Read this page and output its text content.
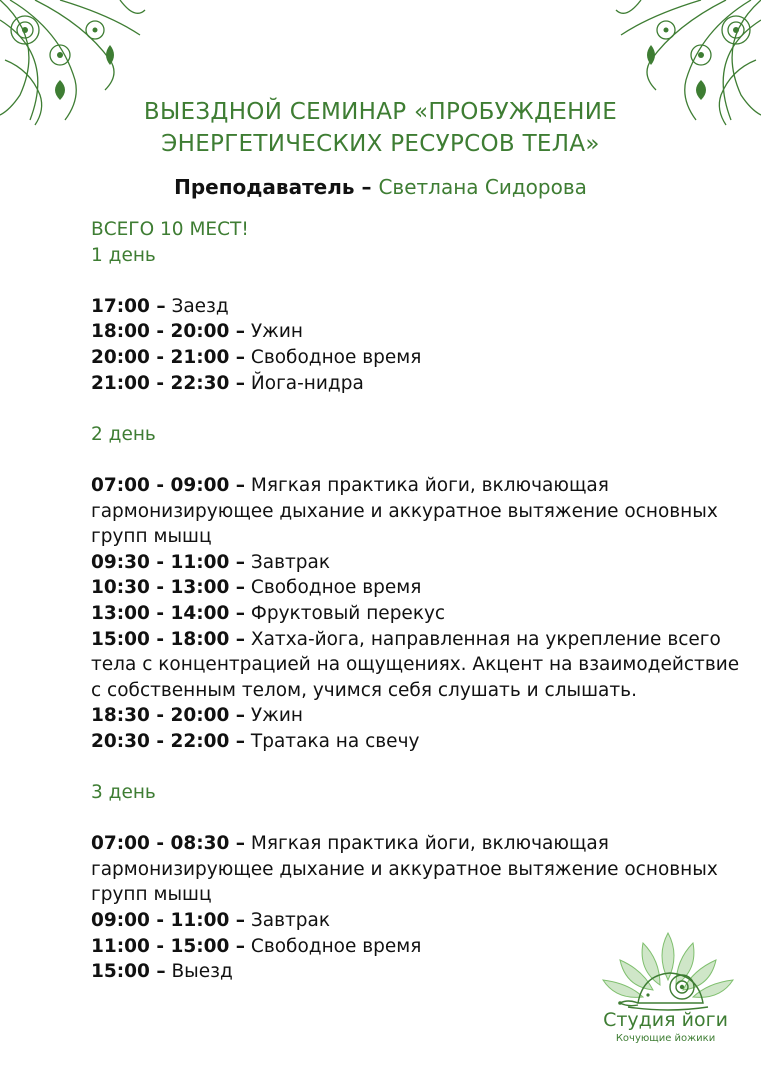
ВЫЕЗДНОЙ СЕМИНАР «ПРОБУЖДЕНИЕ
ЭНЕРГЕТИЧЕСКИХ РЕСУРСОВ ТЕЛА»
Преподаватель – Светлана Сидорова
ВСЕГО 10 МЕСТ!
1 день
17:00 – Заезд
18:00 - 20:00 – Ужин
20:00 - 21:00 – Свободное время
21:00 - 22:30 – Йога-нидра
2 день
07:00 - 09:00 – Мягкая практика йоги, включающая гармонизирующее дыхание и аккуратное вытяжение основных групп мышц
09:30 - 11:00 – Завтрак
10:30 - 13:00 – Свободное время
13:00 - 14:00 – Фруктовый перекус
15:00 - 18:00 – Хатха-йога, направленная на укрепление всего тела с концентрацией на ощущениях. Акцент на взаимодействие с собственным телом, учимся себя слушать и слышать.
18:30 - 20:00 – Ужин
20:30 - 22:00 – Тратака на свечу
3 день
07:00 - 08:30 – Мягкая практика йоги, включающая гармонизирующее дыхание и аккуратное вытяжение основных групп мышц
09:00 - 11:00 – Завтрак
11:00 - 15:00 – Свободное время
15:00 – Выезд
Студия йоги
Кочующие йожики
